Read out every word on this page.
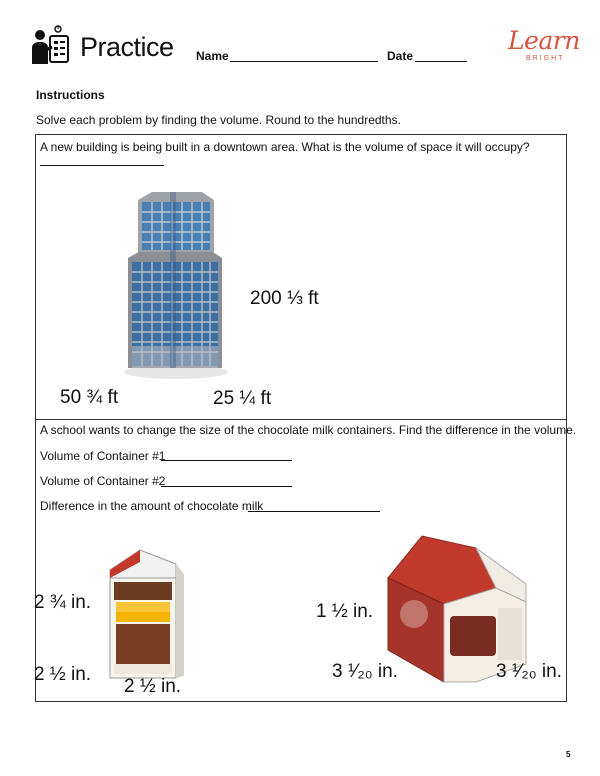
Practice Name	Date
Learn
BRIGHT
Instructions
Solve each problem by finding the volume. Round to the hundredths.
A new building is being built in a downtown area. What is the volume of space it will occupy?
200 ⅓ ft
50 ¾ ft	25 ¼ ft
A school wants to change the size of the chocolate milk containers. Find the difference in the volume.
Volume of Container #1
Volume of Container #2
Difference in the amount of chocolate milk
2 ¾ in.
2 ½ in.
2 ½ in.
1 ½ in.
3 ¹⁄₂₀ in.	3 ¹⁄₂₀ in.
5
